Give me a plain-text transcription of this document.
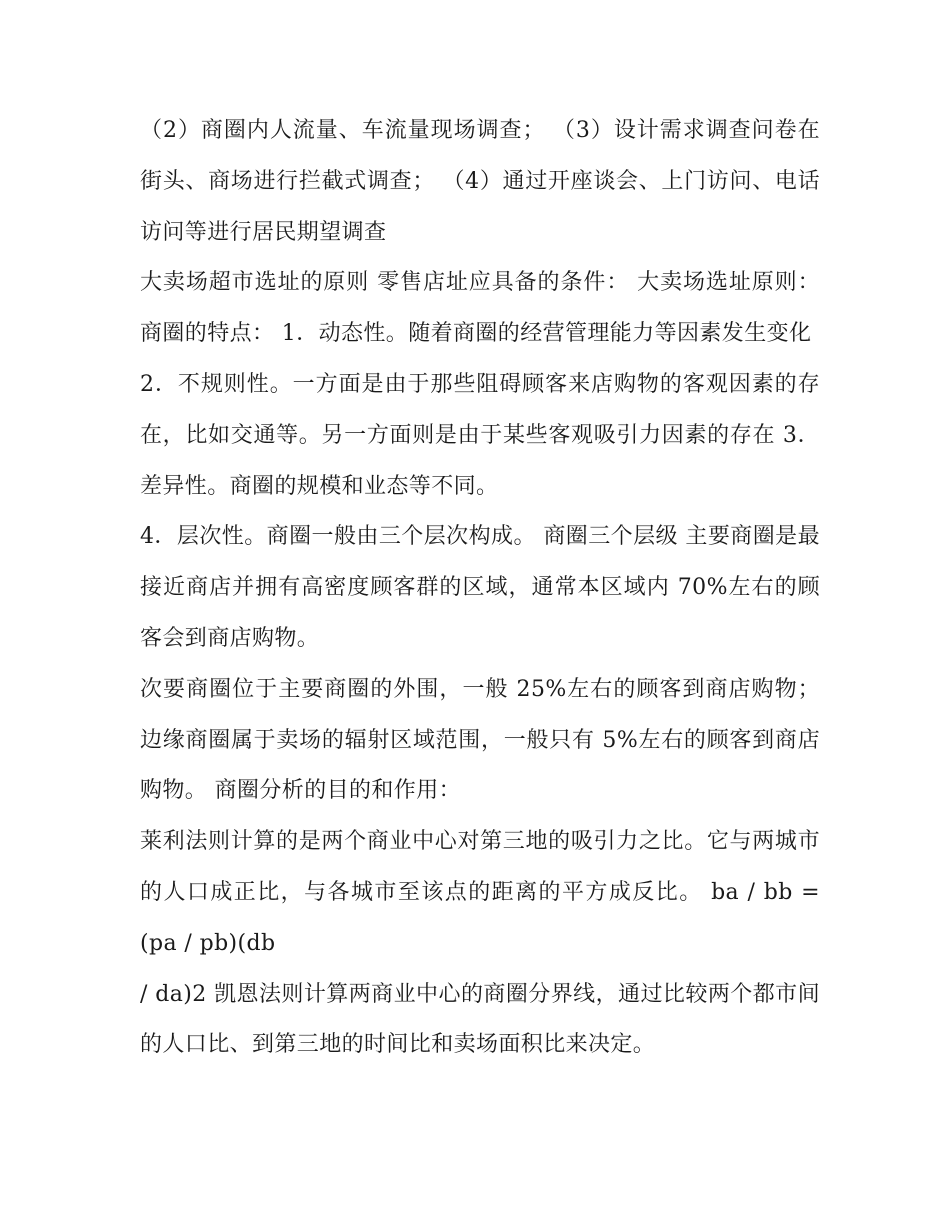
（2）商圈内人流量、车流量现场调查； （3）设计需求调查问卷在街头、商场进行拦截式调查； （4）通过开座谈会、上门访问、电话访问等进行居民期望调查

大卖场超市选址的原则 零售店址应具备的条件： 大卖场选址原则： 商圈的特点： 1．动态性。随着商圈的经营管理能力等因素发生变化

2．不规则性。一方面是由于那些阻碍顾客来店购物的客观因素的存在，比如交通等。另一方面则是由于某些客观吸引力因素的存在 3．差异性。商圈的规模和业态等不同。

4．层次性。商圈一般由三个层次构成。 商圈三个层级 主要商圈是最接近商店并拥有高密度顾客群的区域，通常本区域内 70%左右的顾客会到商店购物。

次要商圈位于主要商圈的外围，一般 25%左右的顾客到商店购物； 边缘商圈属于卖场的辐射区域范围，一般只有 5%左右的顾客到商店购物。 商圈分析的目的和作用：

莱利法则计算的是两个商业中心对第三地的吸引力之比。它与两城市的人口成正比，与各城市至该点的距离的平方成反比。 ba / bb = (pa / pb)(db

/ da)2 凯恩法则计算两商业中心的商圈分界线，通过比较两个都市间的人口比、到第三地的时间比和卖场面积比来决定。
